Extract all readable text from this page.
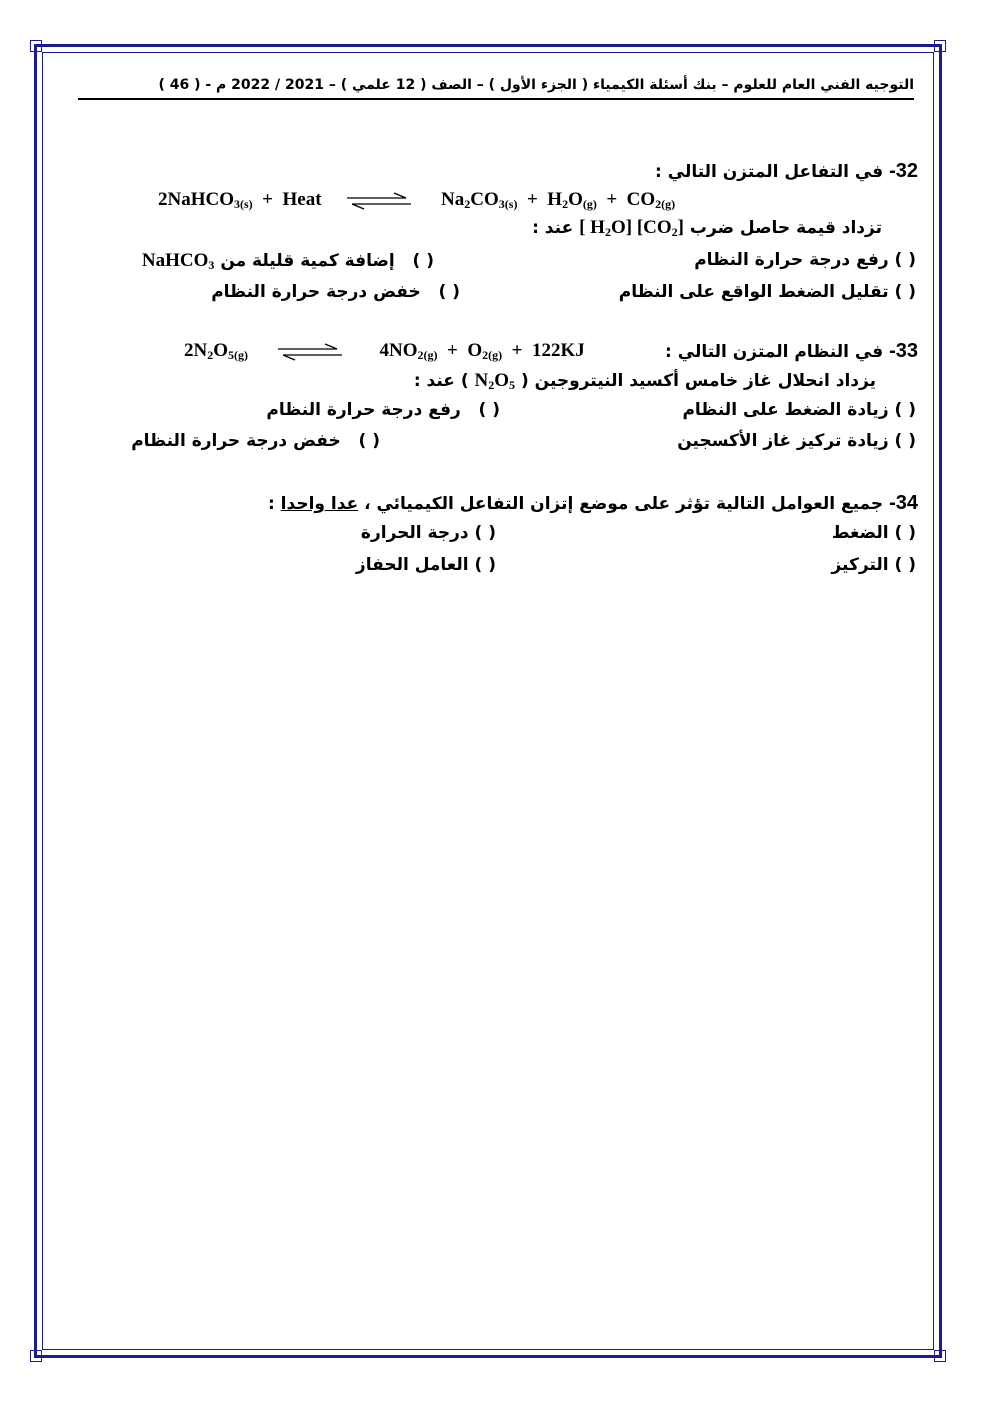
التوجيه الفني العام للعلوم – بنك أسئلة الكيمياء ( الجزء الأول ) – الصف ( 12 علمي ) – 2021 / 2022 م - ( 46 )
32- في التفاعل المتزن التالي :
2NaHCO$_{3(s)}$ + Heat ⇌ $Na_2CO_{3(s)} + H_2O_{(g)} + CO_{2(g)}$
تزداد قيمة حاصل ضرب ‪[ $H_2O$] $[CO_2]‬$ عند :
( ) رفع درجة حرارة النظام
( )   إضافة كمية قليلة من NaHCO$_3$
( ) تقليل الضغط الواقع على النظام
( )   خفض درجة حرارة النظام
33- في النظام المتزن التالي :
$2N_2O_{5(g)}$ ⇌ $4NO_{2(g)} + O_{2(g)} + 122KJ$
يزداد انحلال غاز خامس أكسيد النيتروجين ( $‪N_2O_5$ ) عند :
( ) زيادة الضغط على النظام
( )   رفع درجة حرارة النظام
( ) زيادة تركيز غاز الأكسجين
( )   خفض درجة حرارة النظام
34- جميع العوامل التالية تؤثر على موضع إتزان التفاعل الكيميائي ، عدا واحدا :
( ) الضغط
( ) درجة الحرارة
( ) التركيز
( ) العامل الحفاز
